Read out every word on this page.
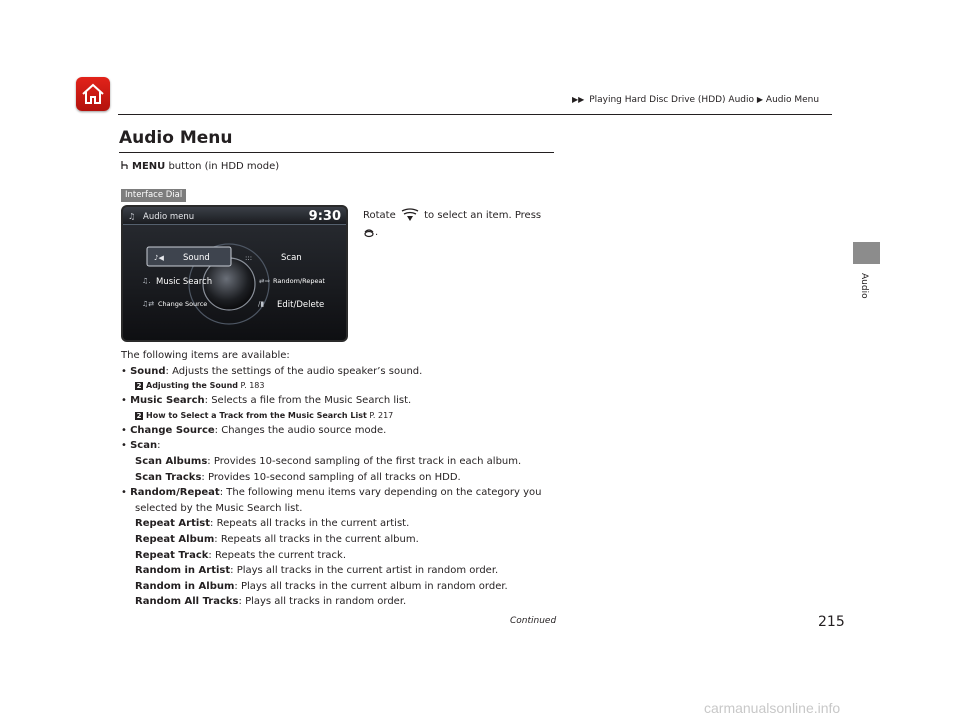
▶▶ Playing Hard Disc Drive (HDD) Audio ▶ Audio Menu
Audio
Audio Menu
MENU button (in HDD mode)
Interface Dial
♫ Audio menu	9:30
♪◀ Sound	:::	Scan
♫. Music Search	⇄⇒ Random/Repeat
♫⇄ Change Source	/▮ Edit/Delete
Rotate	to select an item. Press
.

The following items are available:

• Sound: Adjusts the settings of the audio speaker’s sound.

2 Adjusting the Sound P. 183

• Music Search: Selects a file from the Music Search list.

2 How to Select a Track from the Music Search List P. 217

• Change Source: Changes the audio source mode.

• Scan:

Scan Albums: Provides 10-second sampling of the first track in each album.

Scan Tracks: Provides 10-second sampling of all tracks on HDD.

• Random/Repeat: The following menu items vary depending on the category you

selected by the Music Search list.

Repeat Artist: Repeats all tracks in the current artist.

Repeat Album: Repeats all tracks in the current album.

Repeat Track: Repeats the current track.

Random in Artist: Plays all tracks in the current artist in random order.

Random in Album: Plays all tracks in the current album in random order.

Random All Tracks: Plays all tracks in random order.

Continued	215
carmanualsonline.info
